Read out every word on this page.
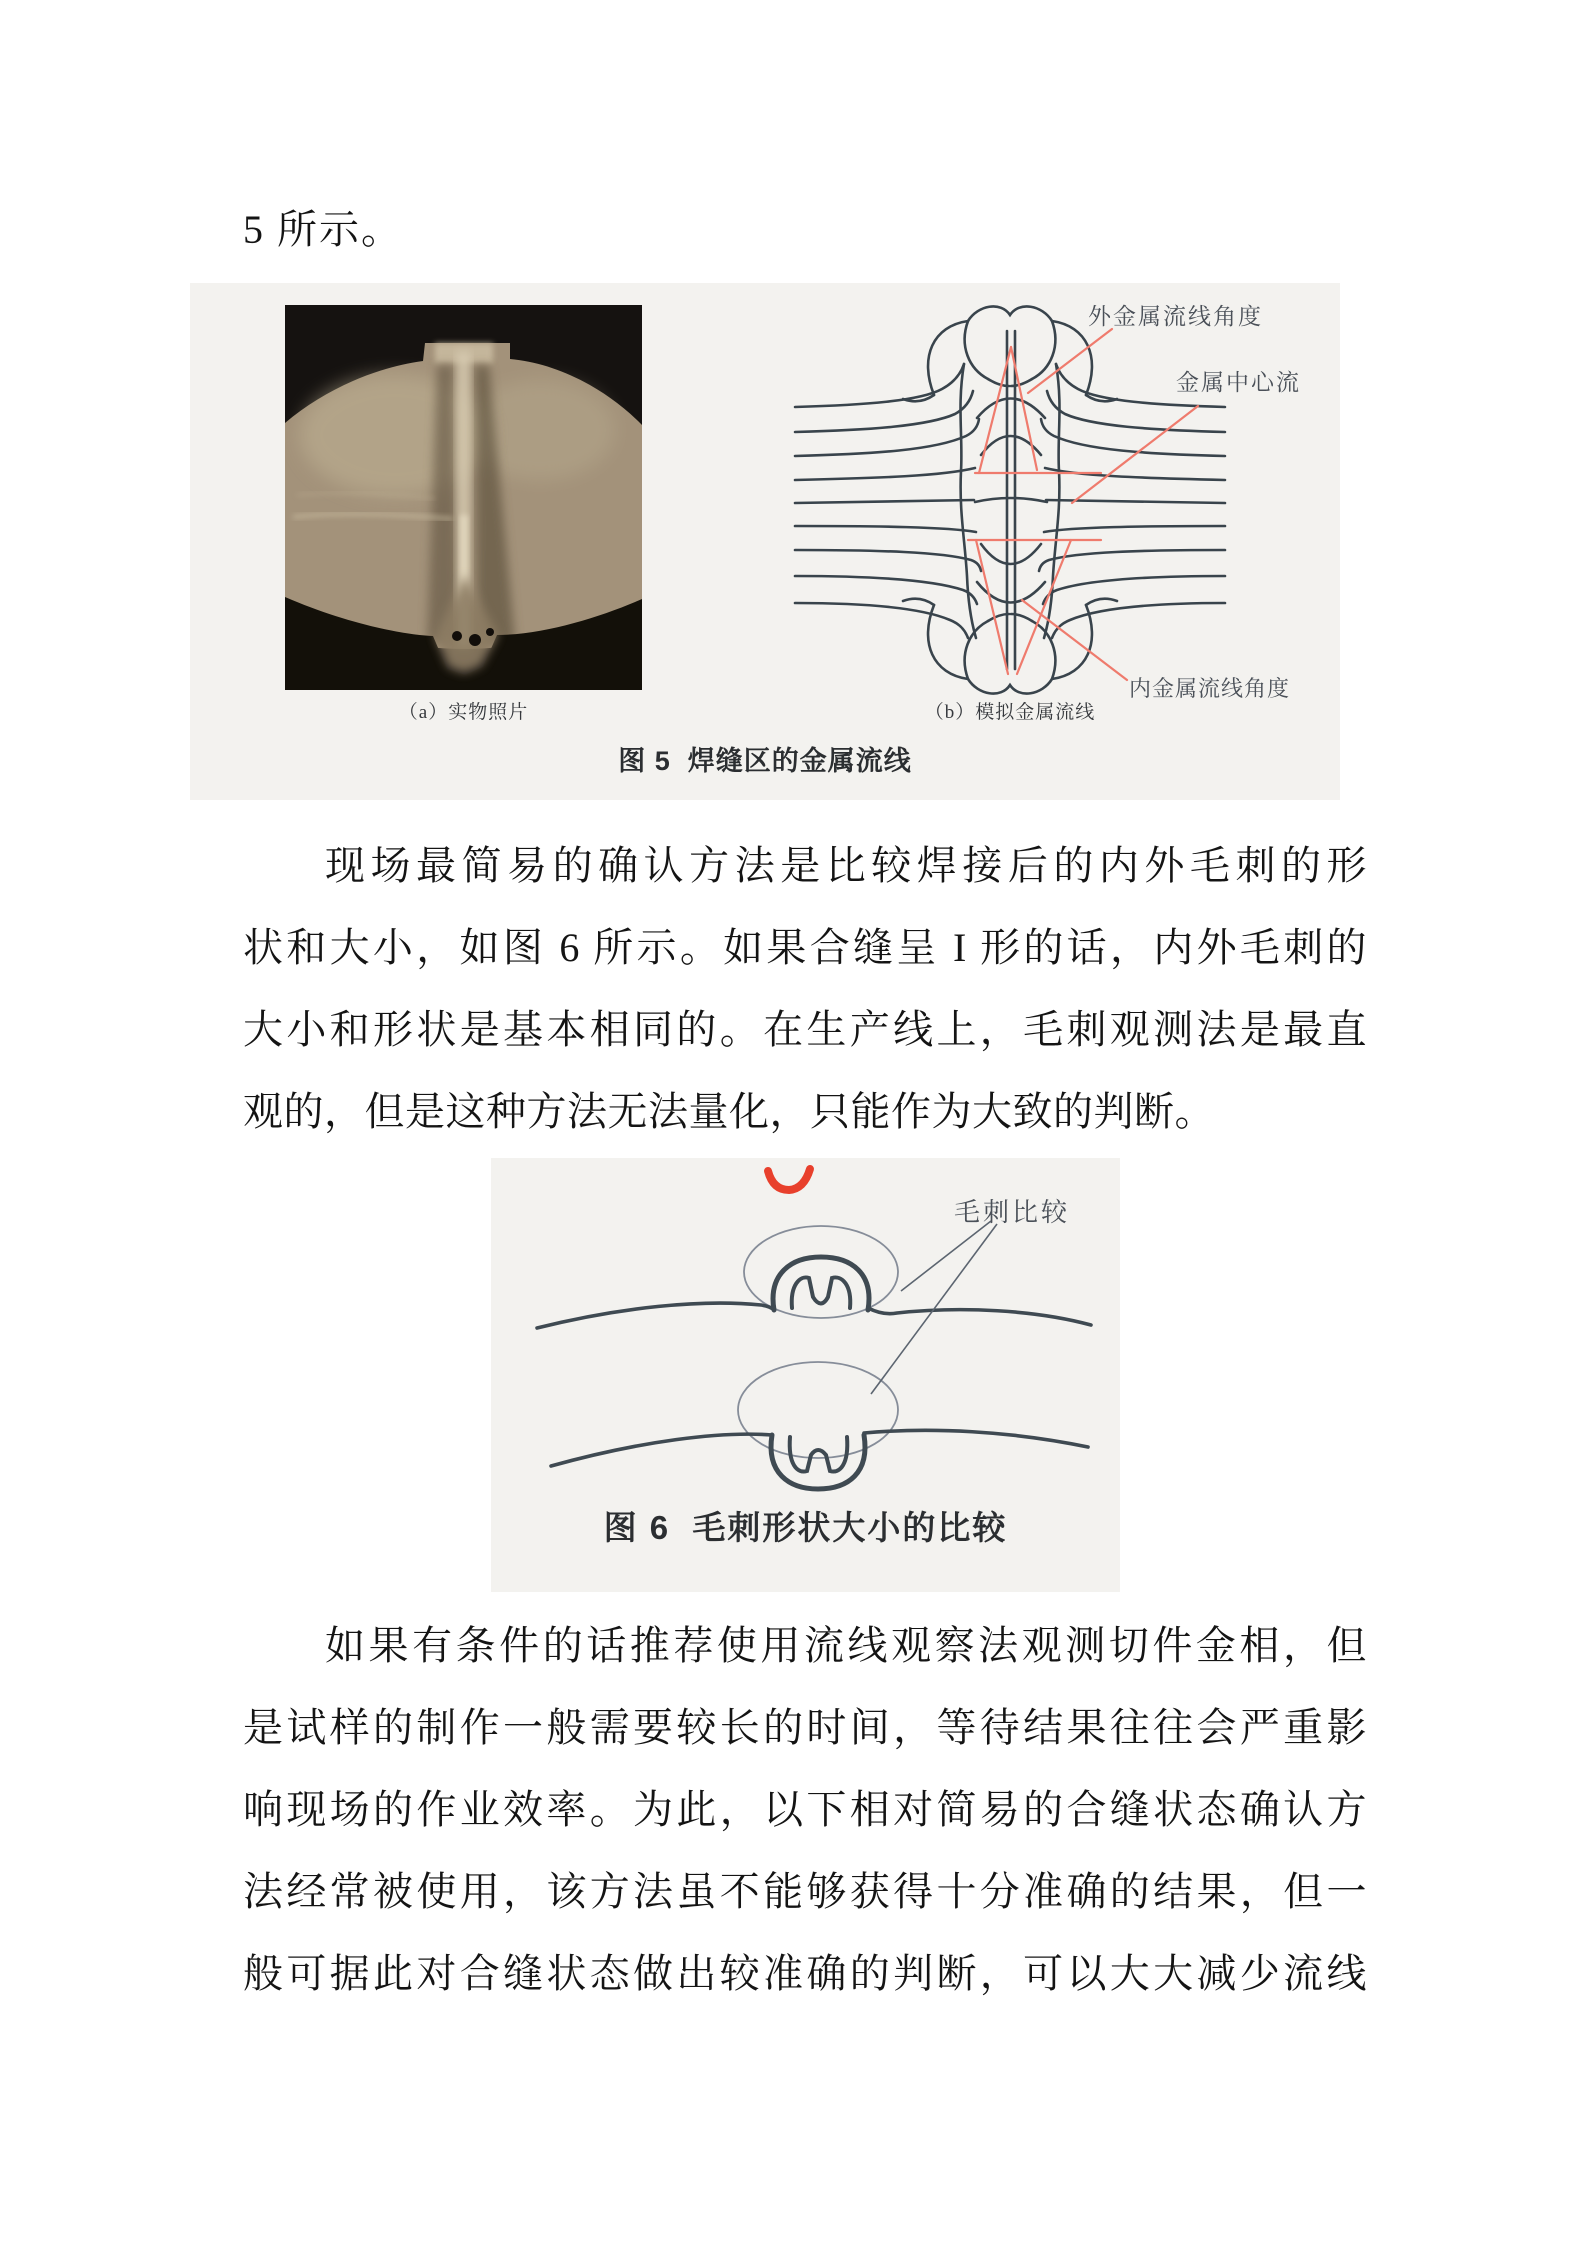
5 所示。
外金属流线角度
金属中心流
内金属流线角度
（a）实物照片	（b）模拟金属流线
图 5  焊缝区的金属流线
现场最简易的确认方法是比较焊接后的内外毛刺的形
状和大小，如图 6 所示。如果合缝呈 I 形的话，内外毛刺的
大小和形状是基本相同的。在生产线上，毛刺观测法是最直
观的，但是这种方法无法量化，只能作为大致的判断。
毛刺比较
图 6  毛刺形状大小的比较
如果有条件的话推荐使用流线观察法观测切件金相，但
是试样的制作一般需要较长的时间，等待结果往往会严重影
响现场的作业效率。为此，以下相对简易的合缝状态确认方
法经常被使用，该方法虽不能够获得十分准确的结果，但一
般可据此对合缝状态做出较准确的判断，可以大大减少流线
